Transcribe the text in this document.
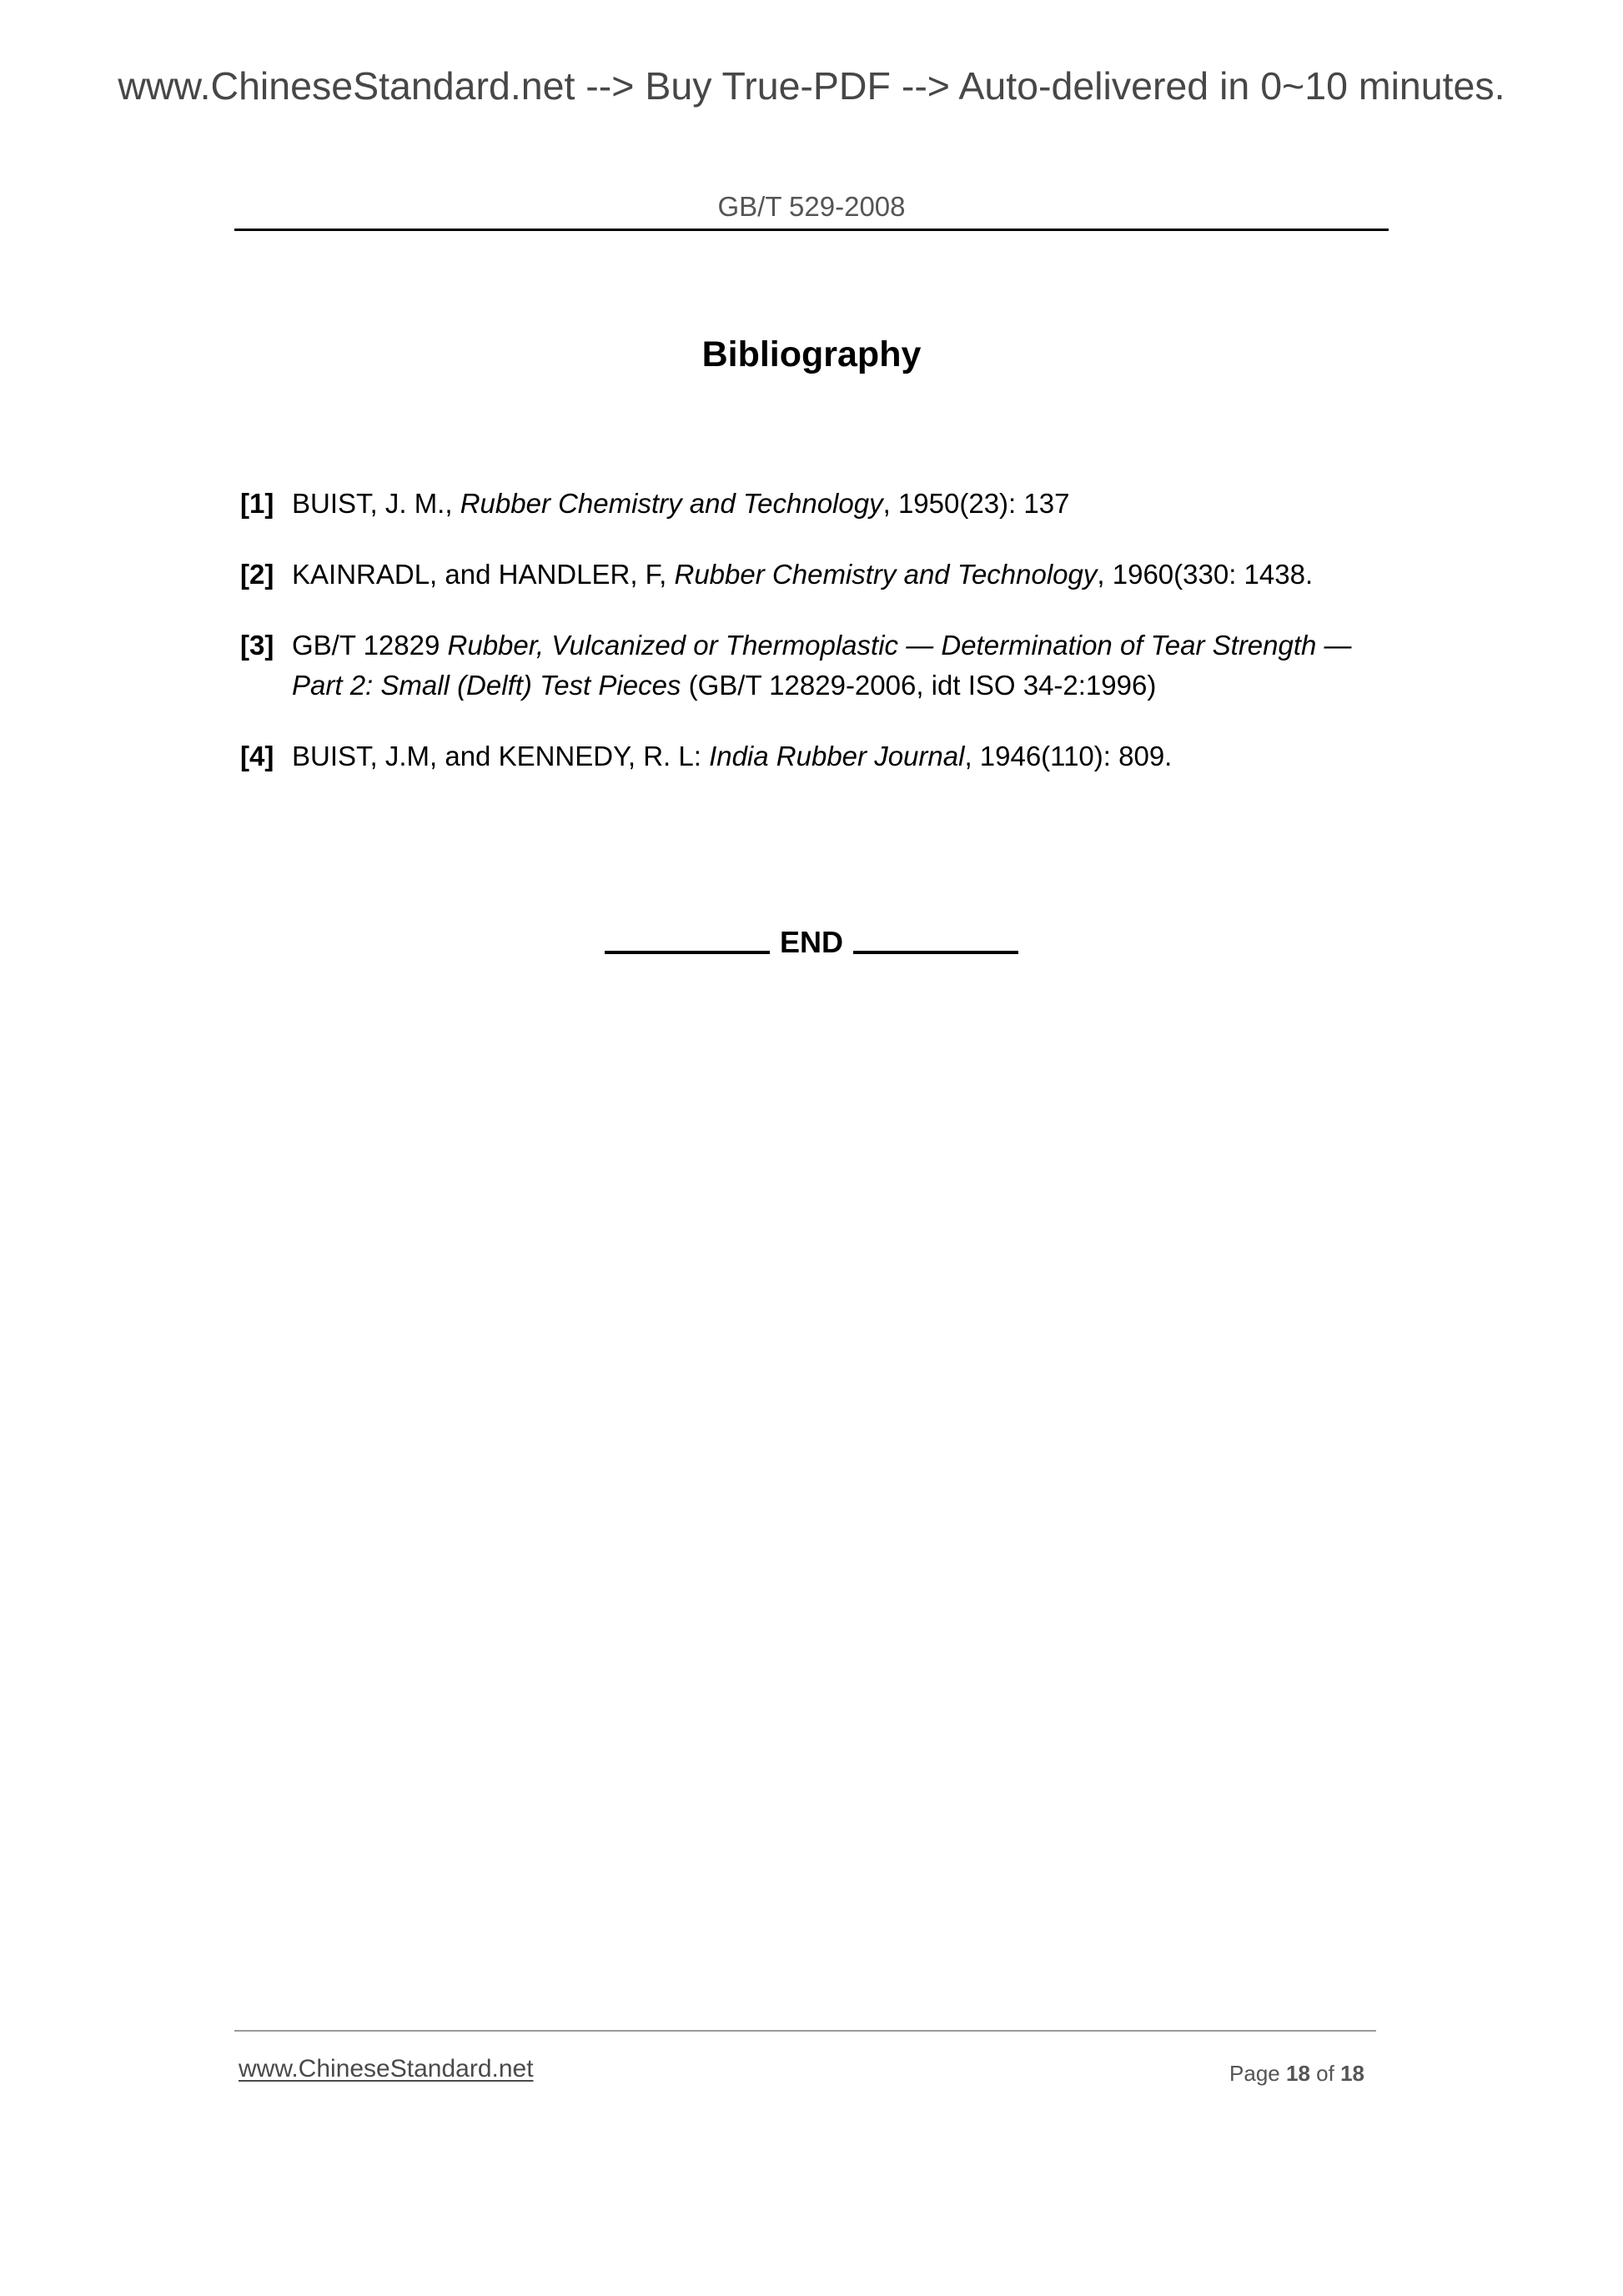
www.ChineseStandard.net --> Buy True-PDF --> Auto-delivered in 0~10 minutes.
GB/T 529-2008
Bibliography
[1] BUIST, J. M., Rubber Chemistry and Technology, 1950(23): 137
[2] KAINRADL, and HANDLER, F, Rubber Chemistry and Technology, 1960(330: 1438.
[3] GB/T 12829 Rubber, Vulcanized or Thermoplastic — Determination of Tear Strength — Part 2: Small (Delft) Test Pieces (GB/T 12829-2006, idt ISO 34-2:1996)
[4] BUIST, J.M, and KENNEDY, R. L: India Rubber Journal, 1946(110): 809.
END
www.ChineseStandard.net	Page 18 of 18
